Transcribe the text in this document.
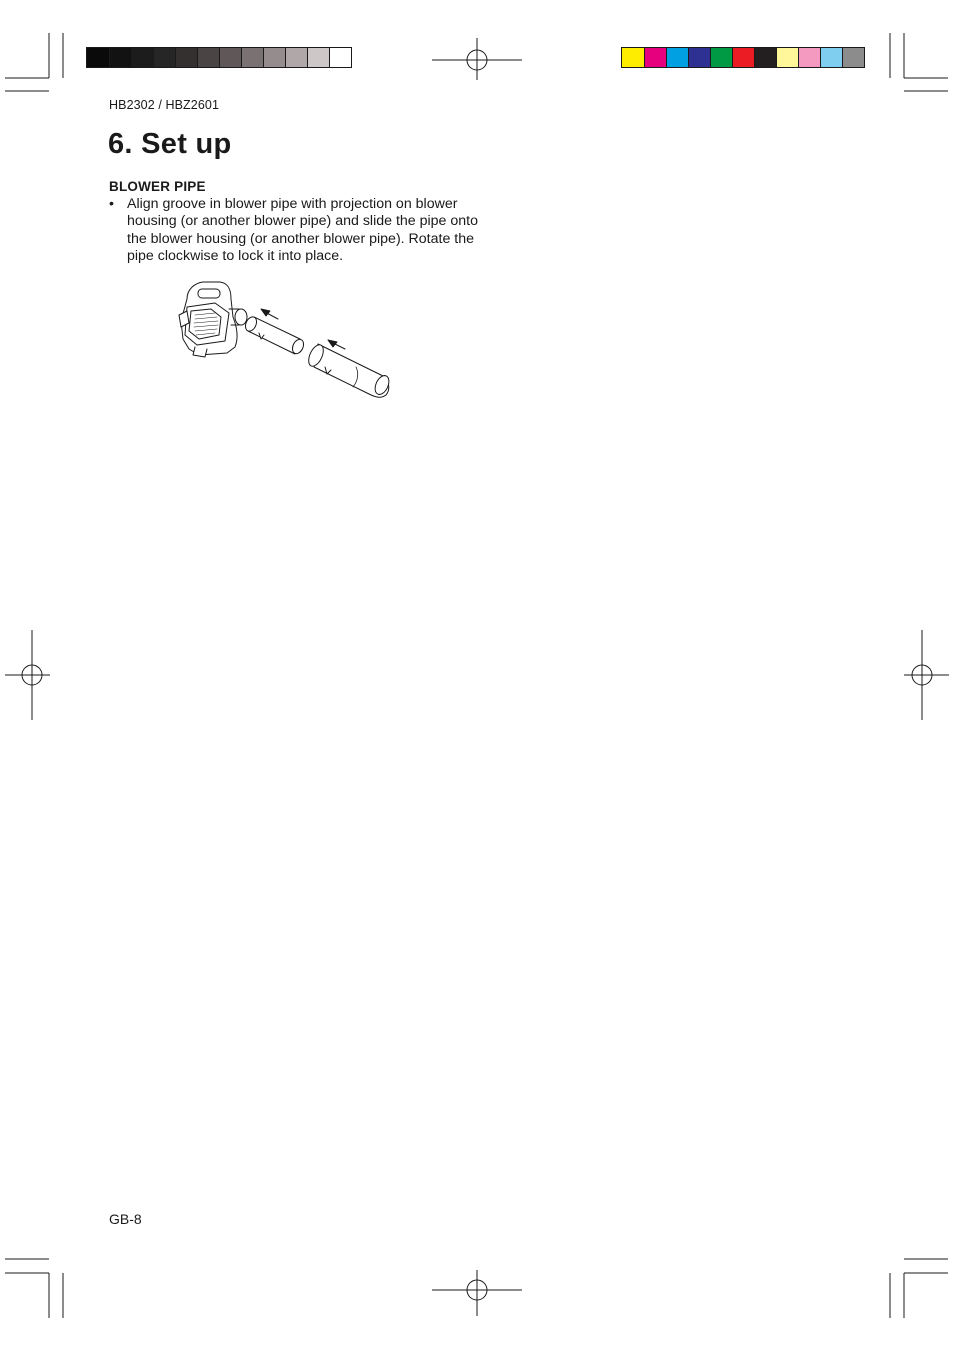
HB2302 / HBZ2601
6. Set up
BLOWER PIPE
• Align groove in blower pipe with projection on blower housing (or another blower pipe) and slide the pipe onto the blower housing (or another blower pipe). Rotate the pipe clockwise to lock it into place.
GB-8
